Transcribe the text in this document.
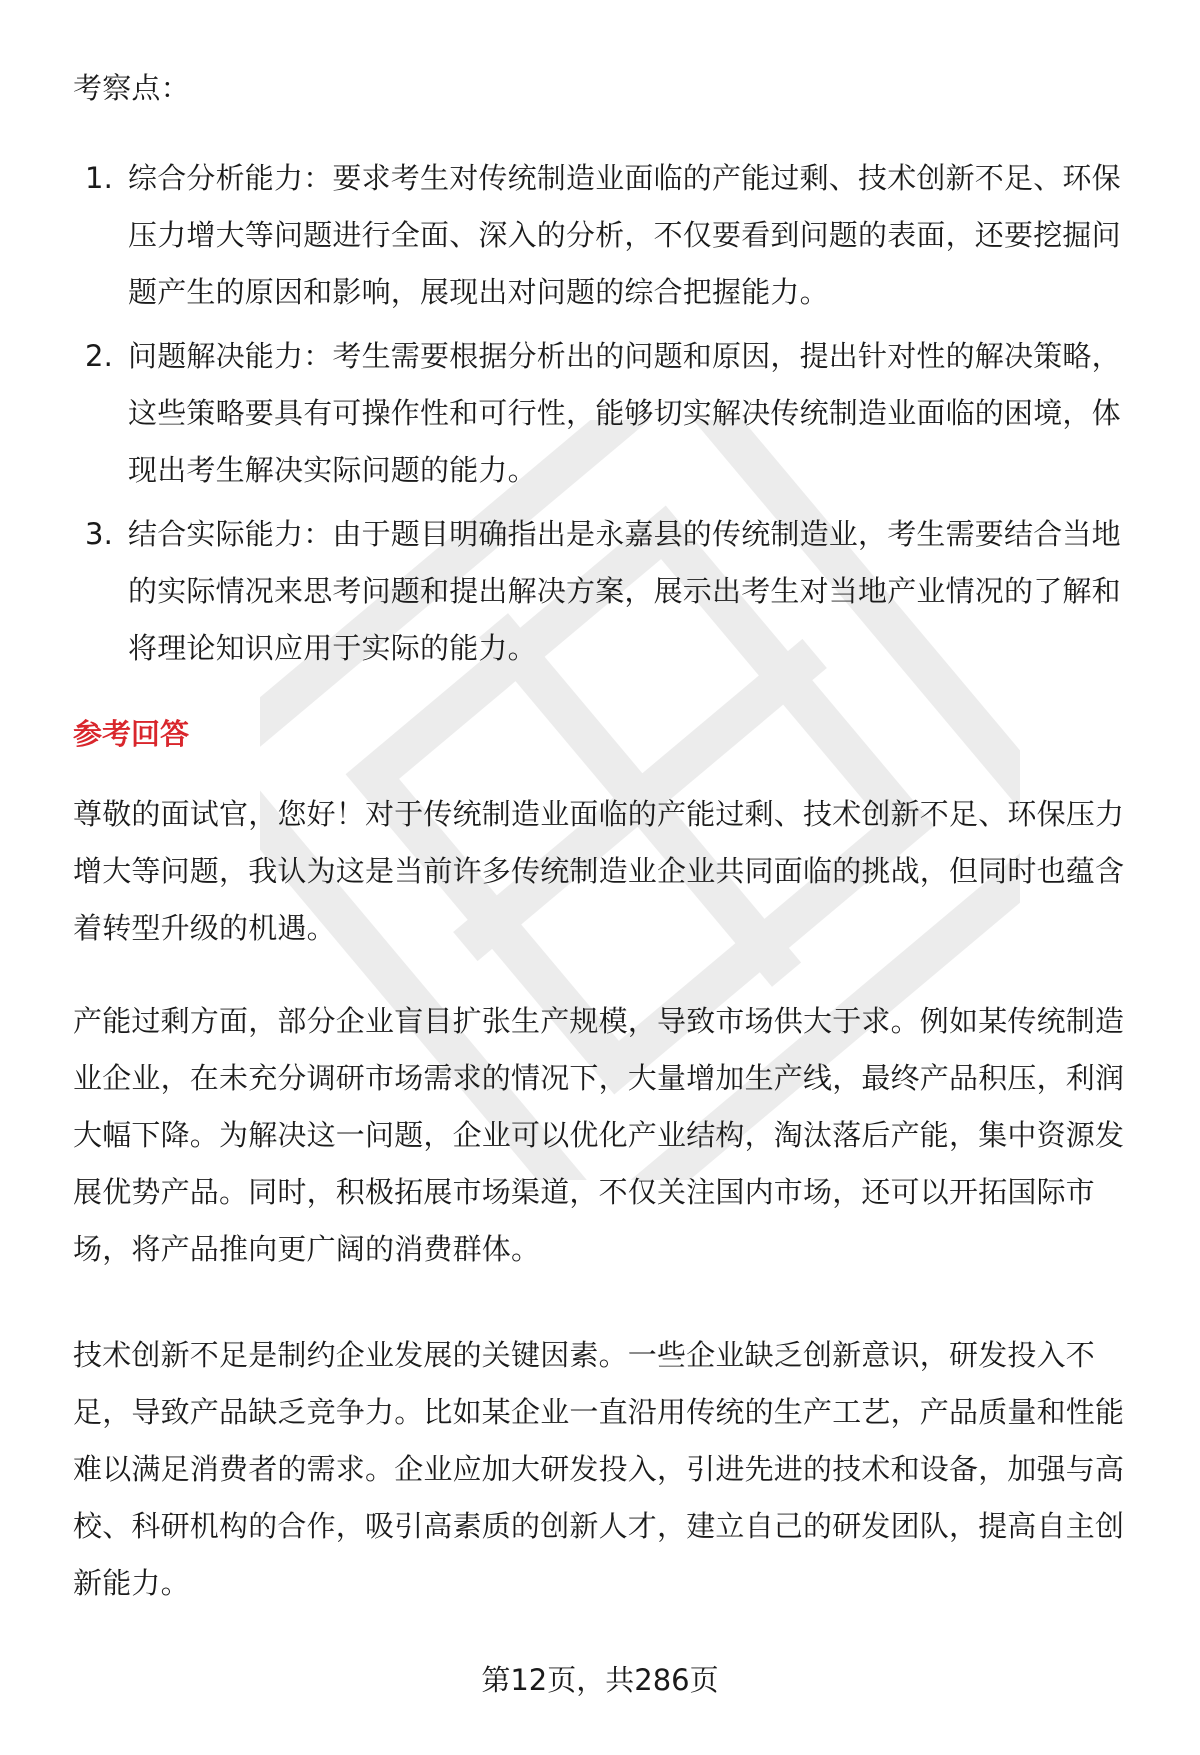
考察点：

1. 综合分析能力：要求考生对传统制造业面临的产能过剩、技术创新不足、环保压力增大等问题进行全面、深入的分析，不仅要看到问题的表面，还要挖掘问题产生的原因和影响，展现出对问题的综合把握能力。
2. 问题解决能力：考生需要根据分析出的问题和原因，提出针对性的解决策略，这些策略要具有可操作性和可行性，能够切实解决传统制造业面临的困境，体现出考生解决实际问题的能力。
3. 结合实际能力：由于题目明确指出是永嘉县的传统制造业，考生需要结合当地的实际情况来思考问题和提出解决方案，展示出考生对当地产业情况的了解和将理论知识应用于实际的能力。
参考回答

尊敬的面试官，您好！对于传统制造业面临的产能过剩、技术创新不足、环保压力增大等问题，我认为这是当前许多传统制造业企业共同面临的挑战，但同时也蕴含着转型升级的机遇。

产能过剩方面，部分企业盲目扩张生产规模，导致市场供大于求。例如某传统制造业企业，在未充分调研市场需求的情况下，大量增加生产线，最终产品积压，利润大幅下降。为解决这一问题，企业可以优化产业结构，淘汰落后产能，集中资源发展优势产品。同时，积极拓展市场渠道，不仅关注国内市场，还可以开拓国际市场，将产品推向更广阔的消费群体。

技术创新不足是制约企业发展的关键因素。一些企业缺乏创新意识，研发投入不足，导致产品缺乏竞争力。比如某企业一直沿用传统的生产工艺，产品质量和性能难以满足消费者的需求。企业应加大研发投入，引进先进的技术和设备，加强与高校、科研机构的合作，吸引高素质的创新人才，建立自己的研发团队，提高自主创新能力。

第12页，共286页
